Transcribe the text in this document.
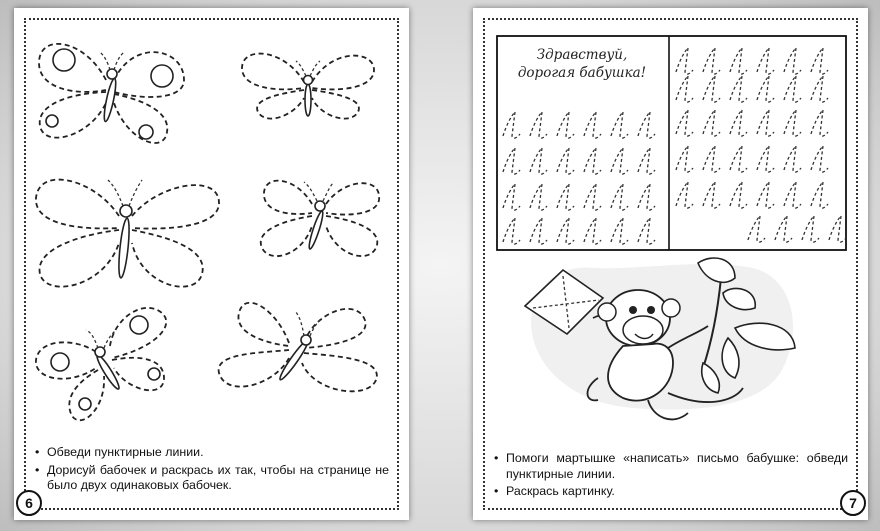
• Обведи пунктирные линии.
• Дорисуй бабочек и раскрась их так, чтобы на странице не было двух одинаковых бабочек.
6
Здравствуй,
дорогая бабушка!
• Помоги мартышке «написать» письмо бабушке: обведи пунктирные линии.
• Раскрась картинку.
7
